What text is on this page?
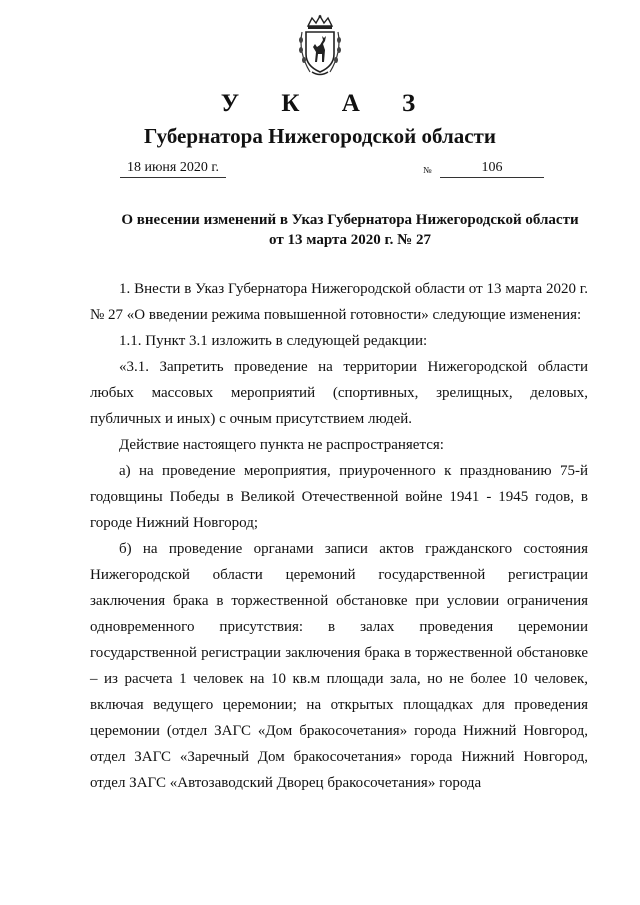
У К А З
Губернатора Нижегородской области
18 июня 2020 г.	№	106
О внесении изменений в Указ Губернатора Нижегородской области от 13 марта 2020 г. № 27

1. Внести в Указ Губернатора Нижегородской области от 13 марта 2020 г. № 27 «О введении режима повышенной готовности» следующие изменения:

1.1. Пункт 3.1 изложить в следующей редакции:

«3.1. Запретить проведение на территории Нижегородской области любых массовых мероприятий (спортивных, зрелищных, деловых, публичных и иных) с очным присутствием людей.

Действие настоящего пункта не распространяется:

а) на проведение мероприятия, приуроченного к празднованию 75-й годовщины Победы в Великой Отечественной войне 1941 - 1945 годов, в городе Нижний Новгород;

б) на проведение органами записи актов гражданского состояния Нижегородской области церемоний государственной регистрации заключения брака в торжественной обстановке при условии ограничения одновременного присутствия: в залах проведения церемонии государственной регистрации заключения брака в торжественной обстановке – из расчета 1 человек на 10 кв.м площади зала, но не более 10 человек, включая ведущего церемонии; на открытых площадках для проведения церемонии (отдел ЗАГС «Дом бракосочетания» города Нижний Новгород, отдел ЗАГС «Заречный Дом бракосочетания» города Нижний Новгород, отдел ЗАГС «Автозаводский Дворец бракосочетания» города
